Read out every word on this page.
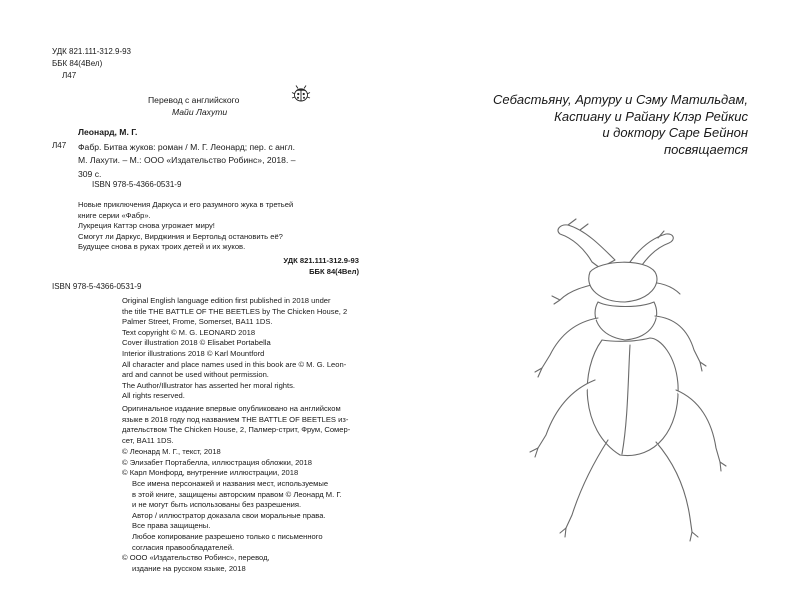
УДК 821.111-312.9-93
ББК 84(4Вел)
Л47
Перевод с английского
Майи Лахути
Леонард, М. Г.
Л47 Фабр. Битва жуков: роман / М. Г. Леонард; пер. с англ.
М. Лахути. – М.: ООО «Издательство Робинс», 2018. –
309 с.
ISBN 978-5-4366-0531-9
Новые приключения Даркуса и его разумного жука в третьей
книге серии «Фабр».
Лукреция Каттэр снова угрожает миру!
Смогут ли Даркус, Вирджиния и Бертольд остановить её?
Будущее снова в руках троих детей и их жуков.
УДК 821.111-312.9-93
ББК 84(4Вел)
ISBN 978-5-4366-0531-9
Original English language edition first published in 2018 under
the title THE BATTLE OF THE BEETLES by The Chicken House, 2
Palmer Street, Frome, Somerset, BA11 1DS.
Text copyright © M. G. LEONARD 2018
Cover illustration 2018 © Elisabet Portabella
Interior illustrations 2018 © Karl Mountford
All character and place names used in this book are © M. G. Leon-
ard and cannot be used without permission.
The Author/Illustrator has asserted her moral rights.
All rights reserved.
Оригинальное издание впервые опубликовано на английском
языке в 2018 году под названием THE BATTLE OF BEETLES из-
дательством The Chicken House, 2, Палмер-стрит, Фрум, Сомер-
сет, BA11 1DS.
© Леонард М. Г., текст, 2018
© Элизабет Портабелла, иллюстрация обложки, 2018
© Карл Монфорд, внутренние иллюстрации, 2018
Все имена персонажей и названия мест, используемые
в этой книге, защищены авторским правом © Леонард М. Г.
и не могут быть использованы без разрешения.
Автор / иллюстратор доказала свои моральные права.
Все права защищены.
Любое копирование разрешено только с письменного
согласия правообладателей.
© ООО «Издательство Робинс», перевод,
издание на русском языке, 2018
Себастьяну, Артуру и Сэму Матильдам,
Каспиану и Райану Клэр Рейкис
и доктору Саре Бейнон
посвящается
